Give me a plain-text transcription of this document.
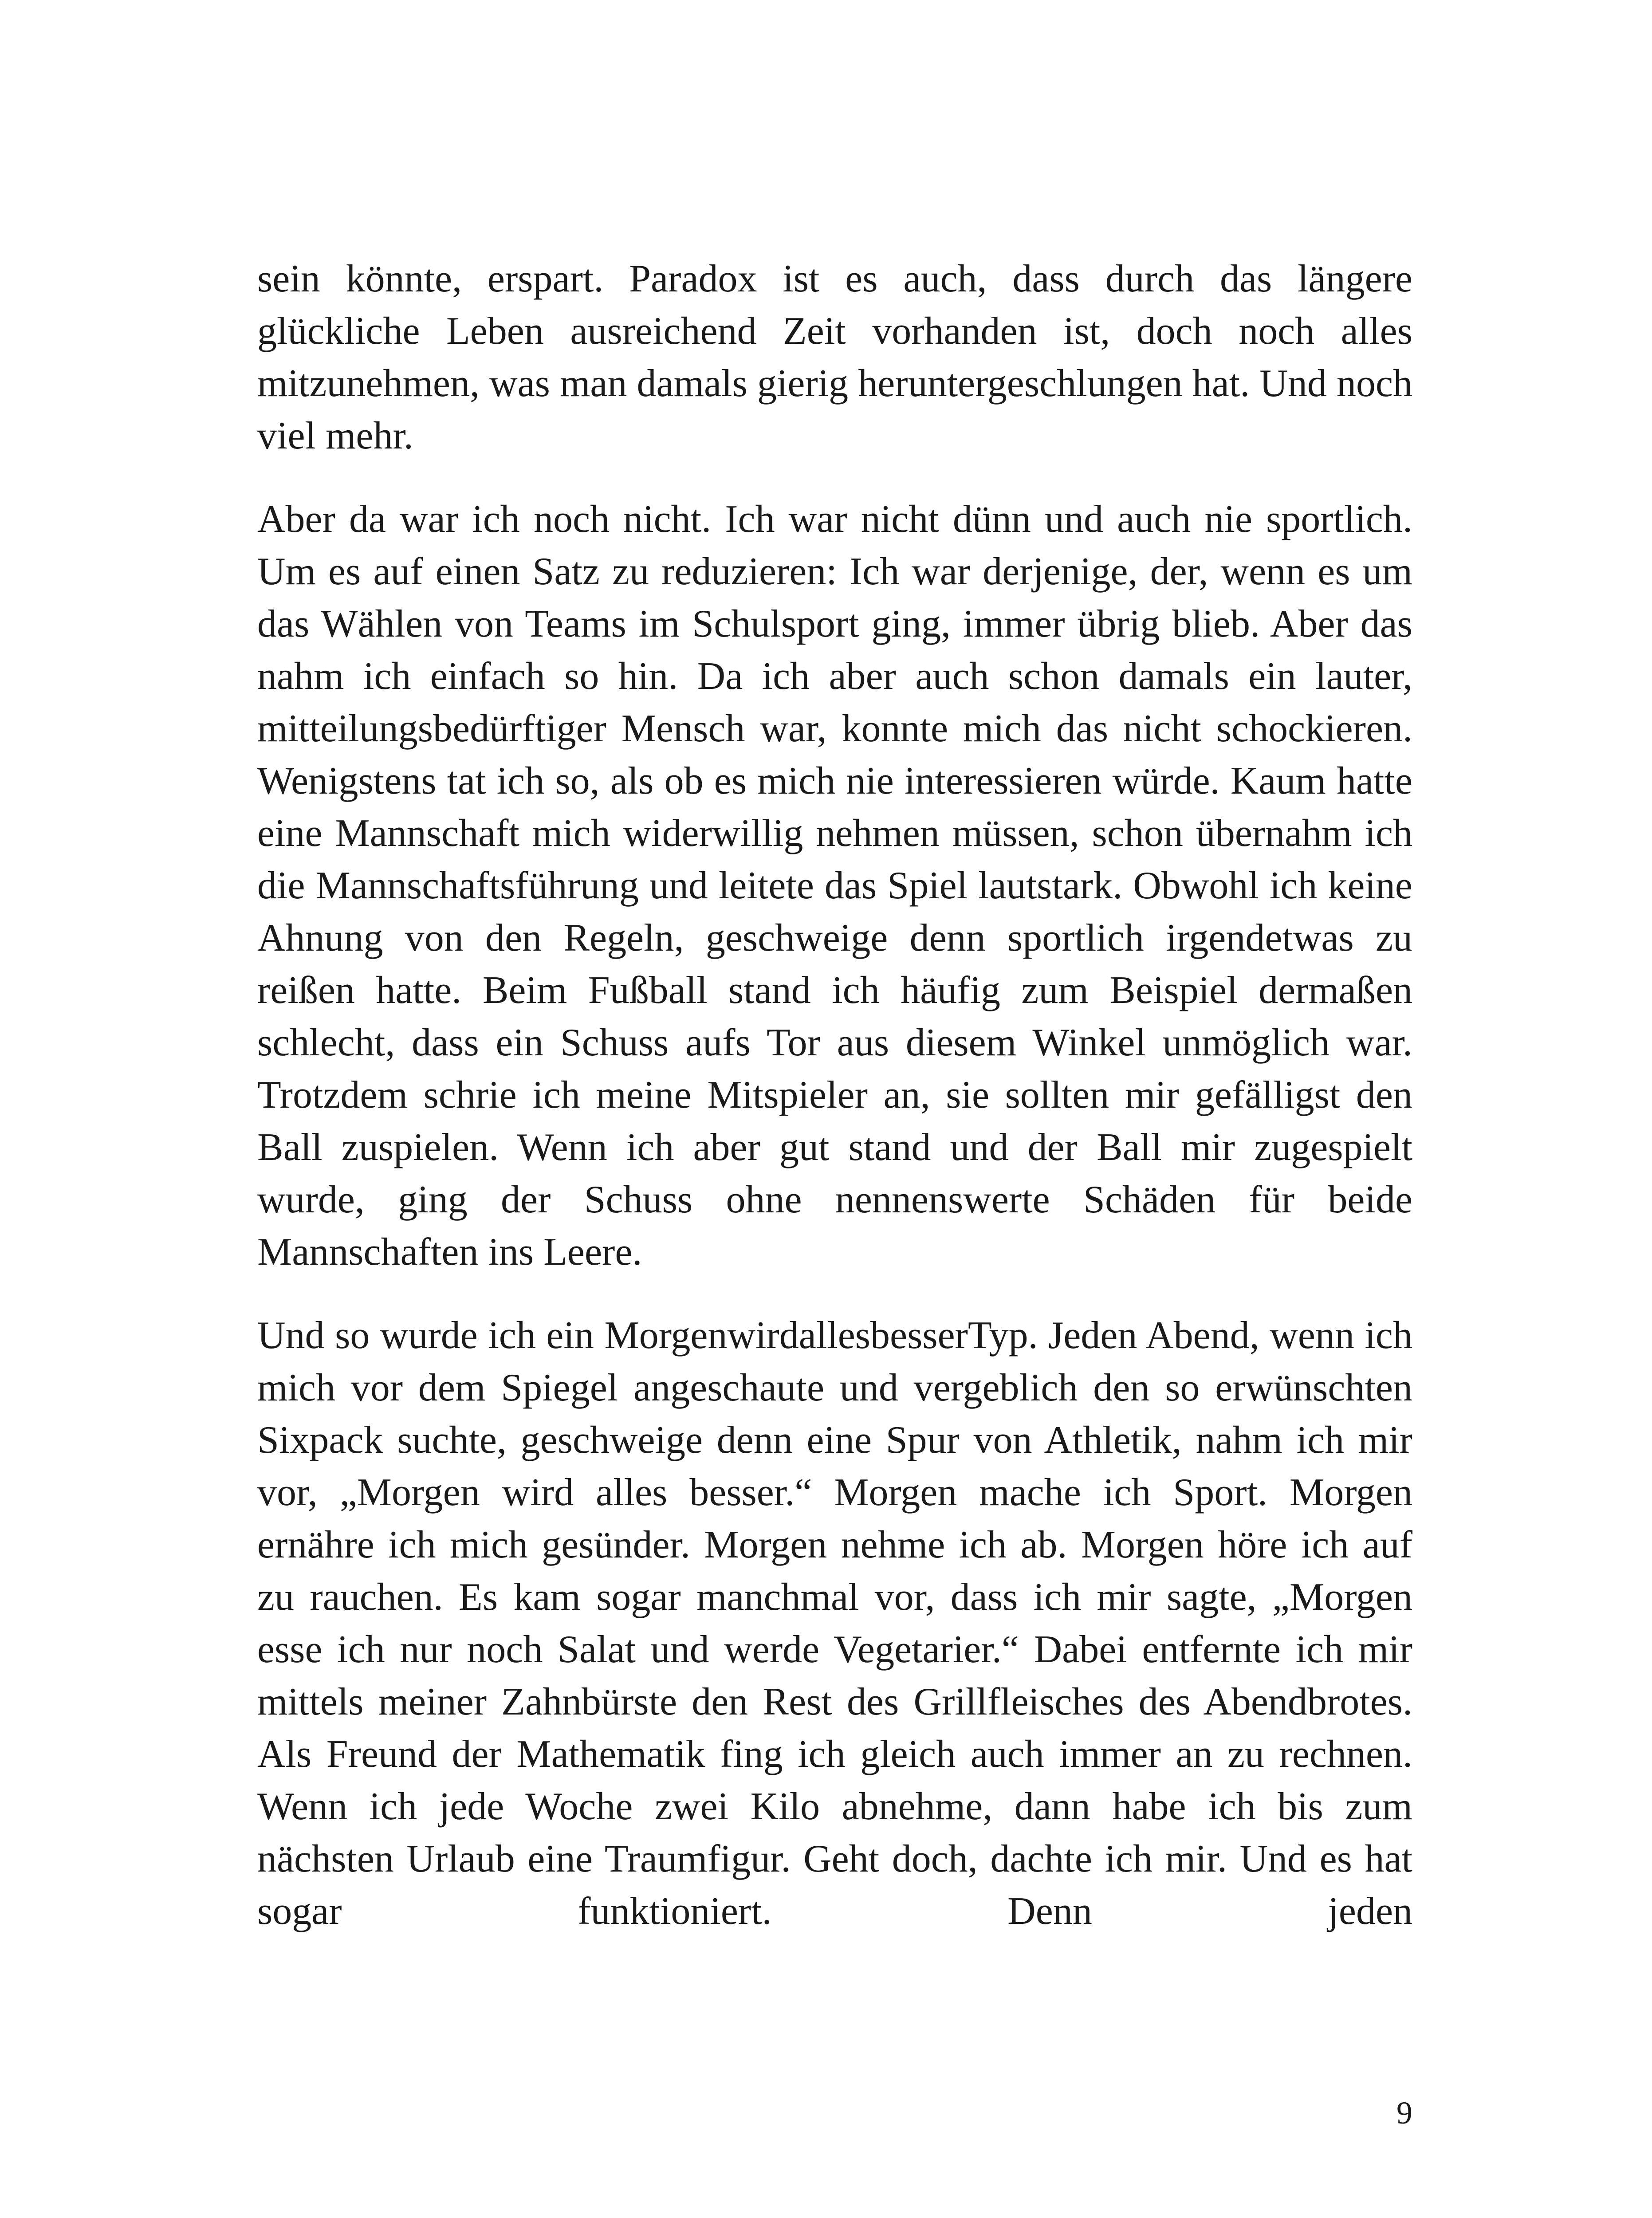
sein könnte, erspart. Paradox ist es auch, dass durch das längere glückliche Leben ausreichend Zeit vorhanden ist, doch noch alles mitzunehmen, was man damals gierig heruntergeschlungen hat. Und noch viel mehr.

Aber da war ich noch nicht. Ich war nicht dünn und auch nie sportlich. Um es auf einen Satz zu reduzieren: Ich war derjenige, der, wenn es um das Wählen von Teams im Schulsport ging, immer übrig blieb. Aber das nahm ich einfach so hin. Da ich aber auch schon damals ein lauter, mitteilungsbedürftiger Mensch war, konnte mich das nicht schockieren. Wenigstens tat ich so, als ob es mich nie interessieren würde. Kaum hatte eine Mannschaft mich widerwillig nehmen müssen, schon übernahm ich die Mannschaftsführung und leitete das Spiel lautstark. Obwohl ich keine Ahnung von den Regeln, geschweige denn sportlich irgendetwas zu reißen hatte. Beim Fußball stand ich häufig zum Beispiel dermaßen schlecht, dass ein Schuss aufs Tor aus diesem Winkel unmöglich war. Trotzdem schrie ich meine Mitspieler an, sie sollten mir gefälligst den Ball zuspielen. Wenn ich aber gut stand und der Ball mir zugespielt wurde, ging der Schuss ohne nennenswerte Schäden für beide Mannschaften ins Leere.

Und so wurde ich ein MorgenwirdallesbesserTyp. Jeden Abend, wenn ich mich vor dem Spiegel angeschaute und vergeblich den so erwünschten Sixpack suchte, geschweige denn eine Spur von Athletik, nahm ich mir vor, „Morgen wird alles besser.“ Morgen mache ich Sport. Morgen ernähre ich mich gesünder. Morgen nehme ich ab. Morgen höre ich auf zu rauchen. Es kam sogar manchmal vor, dass ich mir sagte, „Morgen esse ich nur noch Salat und werde Vegetarier.“ Dabei entfernte ich mir mittels meiner Zahnbürste den Rest des Grillfleisches des Abendbrotes. Als Freund der Mathematik fing ich gleich auch immer an zu rechnen. Wenn ich jede Woche zwei Kilo abnehme, dann habe ich bis zum nächsten Urlaub eine Traumfigur. Geht doch, dachte ich mir. Und es hat sogar funktioniert. Denn jeden

9
